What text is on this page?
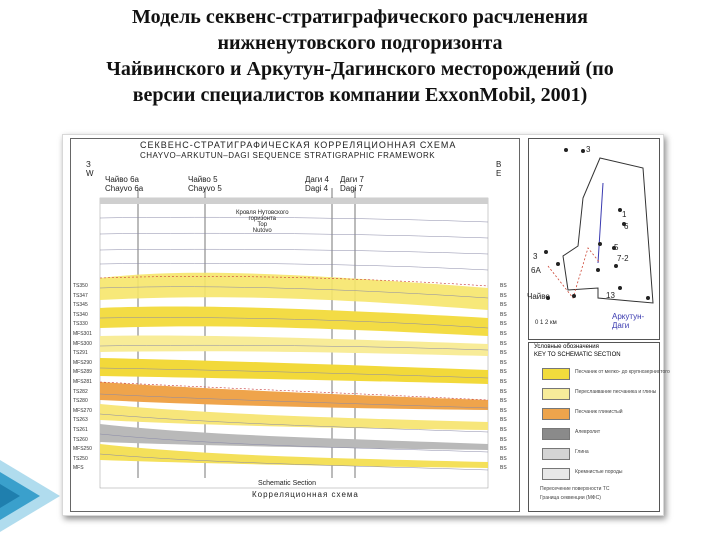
Модель секвенс-стратиграфического расчленения
нижненутовского подгоризонта
Чайвинского и Аркутун-Дагинского месторождений (по
версии специалистов компании ExxonMobil, 2001)
СЕКВЕНС-СТРАТИГРАФИЧЕСКАЯ КОРРЕЛЯЦИОННАЯ СХЕМА
CHAYVO–ARKUTUN–DAGI SEQUENCE STRATIGRAPHIC FRAMEWORK
З
W
В
E
Чайво 6а
Chayvo 6a
Чайво 5
Chayvo 5
Даги 4
Dagi 4
Даги 7
Dagi 7
Кровля Нутовского
горизонта
Top
Nutovo
TS350
TS347
TS345
TS340
TS330
MFS301
MFS300
TS291
MFS290
MFS289
MFS281
TS282
TS280
MFS270
TS263
TS261
TS260
MFS250
TS250
MFS
BS
BS
BS
BS
BS
BS
BS
BS
BS
BS
BS
BS
BS
BS
BS
BS
BS
BS
BS
BS
Schematic Section
Корреляционная схема
3
1
6
5
7-2
13
3
6А
Чайво
Аркутун-
Даги
0 1 2 км
Условные обозначения
KEY TO SCHEMATIC SECTION
Песчаник от мелко- до крупнозернистого
Переслаивание песчаника и глины
Песчаник глинистый
Алевролит
Глина
Кремнистые породы
Пересечение поверхности ТС
Граница секвенции (МФС)
